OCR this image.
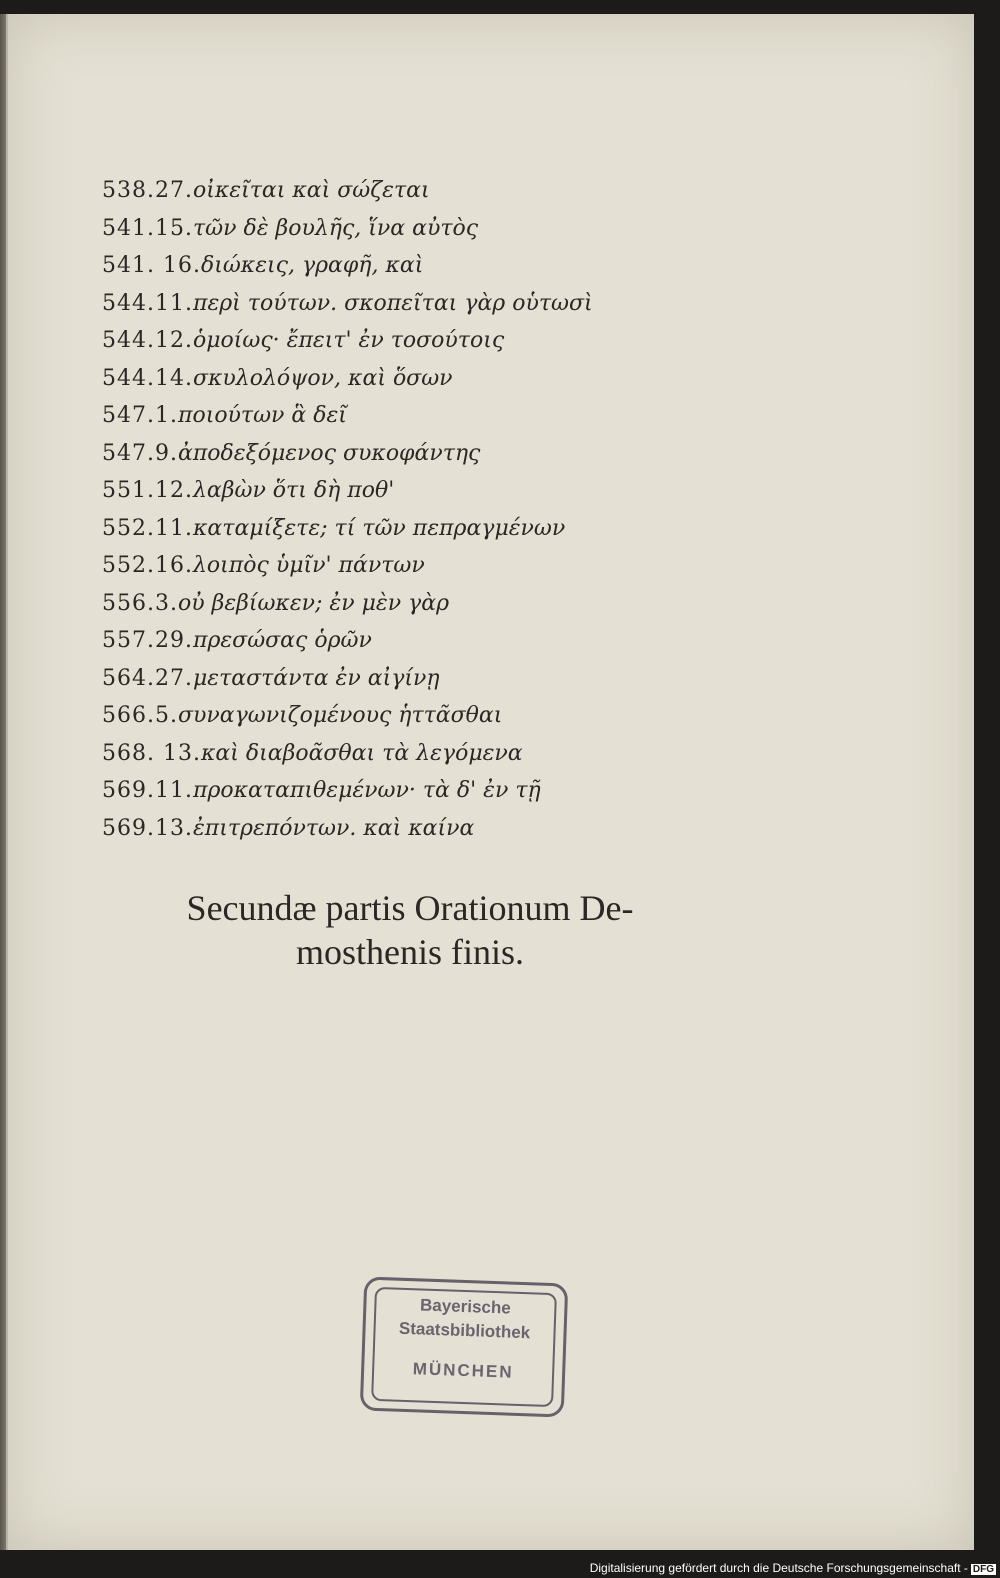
538.27.οἰκεῖται καὶ σώζεται
541.15.τῶν δὲ βουλῆς, ἵνα αὐτὸς
541. 16.διώκεις, γραφῆ, καὶ
544.11.περὶ τούτων. σκοπεῖται γὰρ οὑτωσὶ
544.12.ὁμοίως· ἔπειτ' ἐν τοσούτοις
544.14.σκυλολόψον, καὶ ὅσων
547.1.ποιούτων ἃ δεῖ
547.9.ἀποδεξόμενος συκοφάντης
551.12.λαβὼν ὅτι δὴ ποθ'
552.11.καταμίξετε; τί τῶν πεπραγμένων
552.16.λοιπὸς ὑμῖν' πάντων
556.3.οὐ βεβίωκεν; ἐν μὲν γὰρ
557.29.πρεσώσας ὁρῶν
564.27.μεταστάντα ἐν αἰγίνῃ
566.5.συναγωνιζομένους ἡττᾶσθαι
568. 13.καὶ διαβοᾶσθαι τὰ λεγόμενα
569.11.προκαταπιθεμένων· τὰ δ' ἐν τῇ
569.13.ἐπιτρεπόντων. καὶ καίνα
Secundæ partis Orationum De-
mosthenis finis.
Bayerische
Staatsbibliothek
MÜNCHEN
Digitalisierung gefördert durch die Deutsche Forschungsgemeinschaft - DFG
